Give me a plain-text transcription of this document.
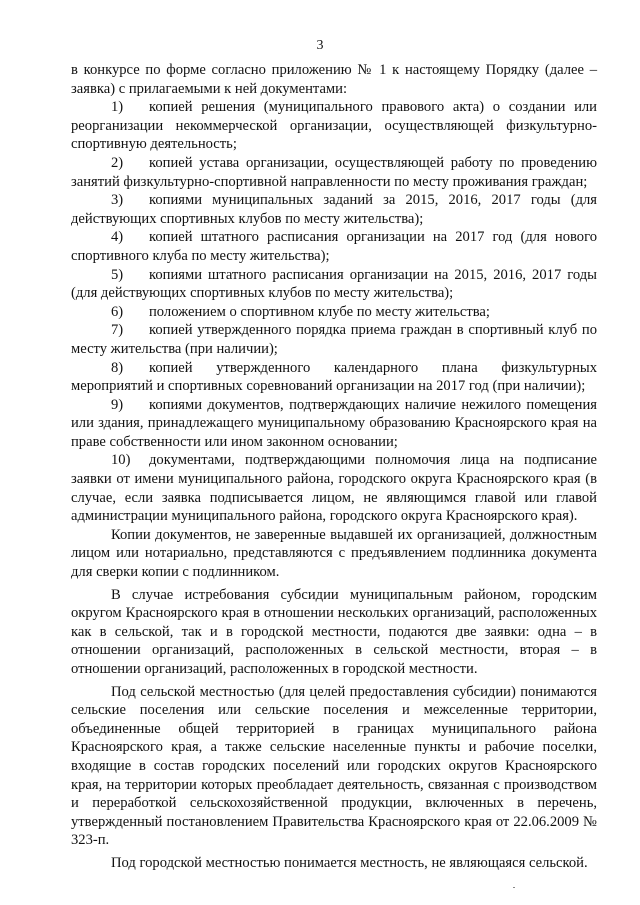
3

в конкурсе по форме согласно приложению № 1 к настоящему Порядку (далее – заявка) с прилагаемыми к ней документами:

1) копией решения (муниципального правового акта) о создании или реорганизации некоммерческой организации, осуществляющей физкультурно-спортивную деятельность;

2) копией устава организации, осуществляющей работу по проведению занятий физкультурно-спортивной направленности по месту проживания граждан;

3) копиями муниципальных заданий за 2015, 2016, 2017 годы (для действующих спортивных клубов по месту жительства);

4) копией штатного расписания организации на 2017 год (для нового спортивного клуба по месту жительства);

5) копиями штатного расписания организации на 2015, 2016, 2017 годы (для действующих спортивных клубов по месту жительства);

6) положением о спортивном клубе по месту жительства;

7) копией утвержденного порядка приема граждан в спортивный клуб по месту жительства (при наличии);

8) копией утвержденного календарного плана физкультурных мероприятий и спортивных соревнований организации на 2017 год (при наличии);

9) копиями документов, подтверждающих наличие нежилого помещения или здания, принадлежащего муниципальному образованию Красноярского края на праве собственности или ином законном основании;

10) документами, подтверждающими полномочия лица на подписание заявки от имени муниципального района, городского округа Красноярского края (в случае, если заявка подписывается лицом, не являющимся главой или главой администрации муниципального района, городского округа Красноярского края).

Копии документов, не заверенные выдавшей их организацией, должностным лицом или нотариально, представляются с предъявлением подлинника документа для сверки копии с подлинником.

В случае истребования субсидии муниципальным районом, городским округом Красноярского края в отношении нескольких организаций, расположенных как в сельской, так и в городской местности, подаются две заявки: одна – в отношении организаций, расположенных в сельской местности, вторая – в отношении организаций, расположенных в городской местности.

Под сельской местностью (для целей предоставления субсидии) понимаются сельские поселения или сельские поселения и межселенные территории, объединенные общей территорией в границах муниципального района Красноярского края, а также сельские населенные пункты и рабочие поселки, входящие в состав городских поселений или городских округов Красноярского края, на территории которых преобладает деятельность, связанная с производством и переработкой сельскохозяйственной продукции, включенных в перечень, утвержденный постановлением Правительства Красноярского края от 22.06.2009 № 323-п.

Под городской местностью понимается местность, не являющаяся сельской.
